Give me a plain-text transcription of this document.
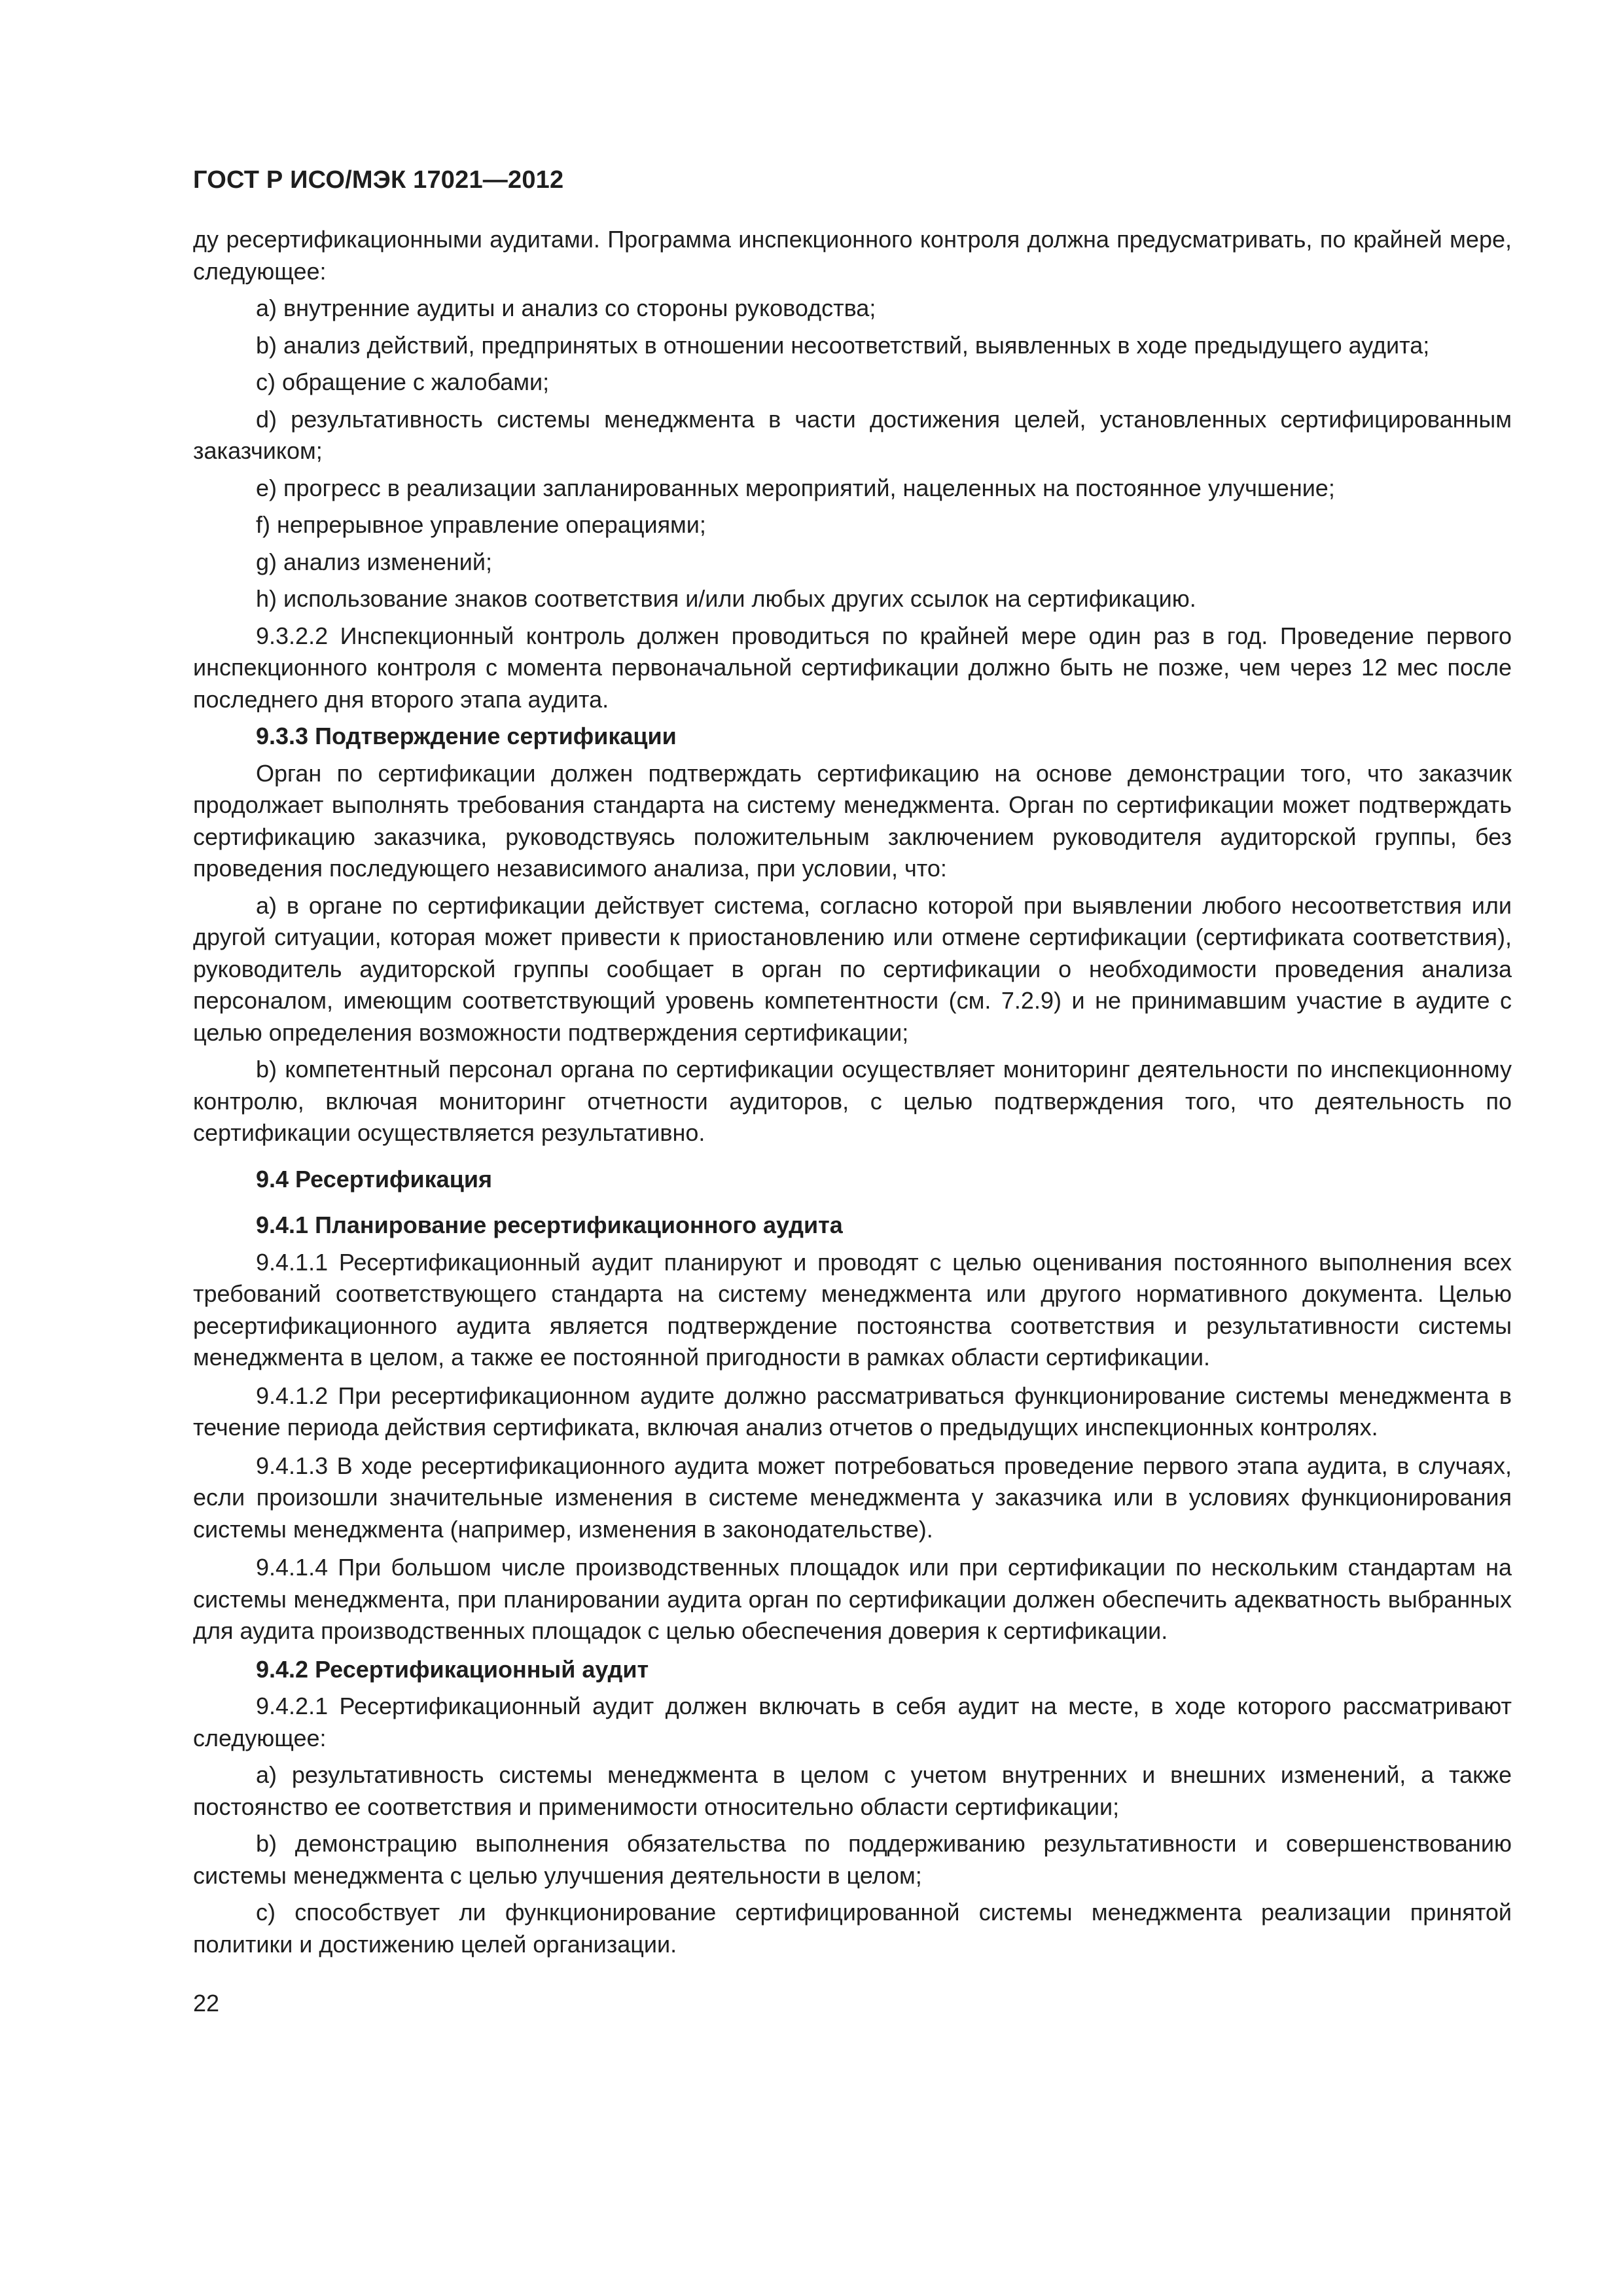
ГОСТ Р ИСО/МЭК 17021—2012

ду ресертификационными аудитами. Программа инспекционного контроля должна предусматривать, по крайней мере, следующее:

a) внутренние аудиты и анализ со стороны руководства;

b) анализ действий, предпринятых в отношении несоответствий, выявленных в ходе предыдущего аудита;

c) обращение с жалобами;

d) результативность системы менеджмента в части достижения целей, установленных сертифицированным заказчиком;

e) прогресс в реализации запланированных мероприятий, нацеленных на постоянное улучшение;

f) непрерывное управление операциями;

g) анализ изменений;

h) использование знаков соответствия и/или любых других ссылок на сертификацию.

9.3.2.2 Инспекционный контроль должен проводиться по крайней мере один раз в год. Проведение первого инспекционного контроля с момента первоначальной сертификации должно быть не позже, чем через 12 мес после последнего дня второго этапа аудита.

9.3.3 Подтверждение сертификации

Орган по сертификации должен подтверждать сертификацию на основе демонстрации того, что заказчик продолжает выполнять требования стандарта на систему менеджмента. Орган по сертификации может подтверждать сертификацию заказчика, руководствуясь положительным заключением руководителя аудиторской группы, без проведения последующего независимого анализа, при условии, что:

a) в органе по сертификации действует система, согласно которой при выявлении любого несоответствия или другой ситуации, которая может привести к приостановлению или отмене сертификации (сертификата соответствия), руководитель аудиторской группы сообщает в орган по сертификации о необходимости проведения анализа персоналом, имеющим соответствующий уровень компетентности (см. 7.2.9) и не принимавшим участие в аудите с целью определения возможности подтверждения сертификации;

b) компетентный персонал органа по сертификации осуществляет мониторинг деятельности по инспекционному контролю, включая мониторинг отчетности аудиторов, с целью подтверждения того, что деятельность по сертификации осуществляется результативно.

9.4 Ресертификация

9.4.1 Планирование ресертификационного аудита

9.4.1.1 Ресертификационный аудит планируют и проводят с целью оценивания постоянного выполнения всех требований соответствующего стандарта на систему менеджмента или другого нормативного документа. Целью ресертификационного аудита является подтверждение постоянства соответствия и результативности системы менеджмента в целом, а также ее постоянной пригодности в рамках области сертификации.

9.4.1.2 При ресертификационном аудите должно рассматриваться функционирование системы менеджмента в течение периода действия сертификата, включая анализ отчетов о предыдущих инспекционных контролях.

9.4.1.3 В ходе ресертификационного аудита может потребоваться проведение первого этапа аудита, в случаях, если произошли значительные изменения в системе менеджмента у заказчика или в условиях функционирования системы менеджмента (например, изменения в законодательстве).

9.4.1.4 При большом числе производственных площадок или при сертификации по нескольким стандартам на системы менеджмента, при планировании аудита орган по сертификации должен обеспечить адекватность выбранных для аудита производственных площадок с целью обеспечения доверия к сертификации.

9.4.2 Ресертификационный аудит

9.4.2.1 Ресертификационный аудит должен включать в себя аудит на месте, в ходе которого рассматривают следующее:

a) результативность системы менеджмента в целом с учетом внутренних и внешних изменений, а также постоянство ее соответствия и применимости относительно области сертификации;

b) демонстрацию выполнения обязательства по поддерживанию результативности и совершенствованию системы менеджмента с целью улучшения деятельности в целом;

c) способствует ли функционирование сертифицированной системы менеджмента реализации принятой политики и достижению целей организации.

22
